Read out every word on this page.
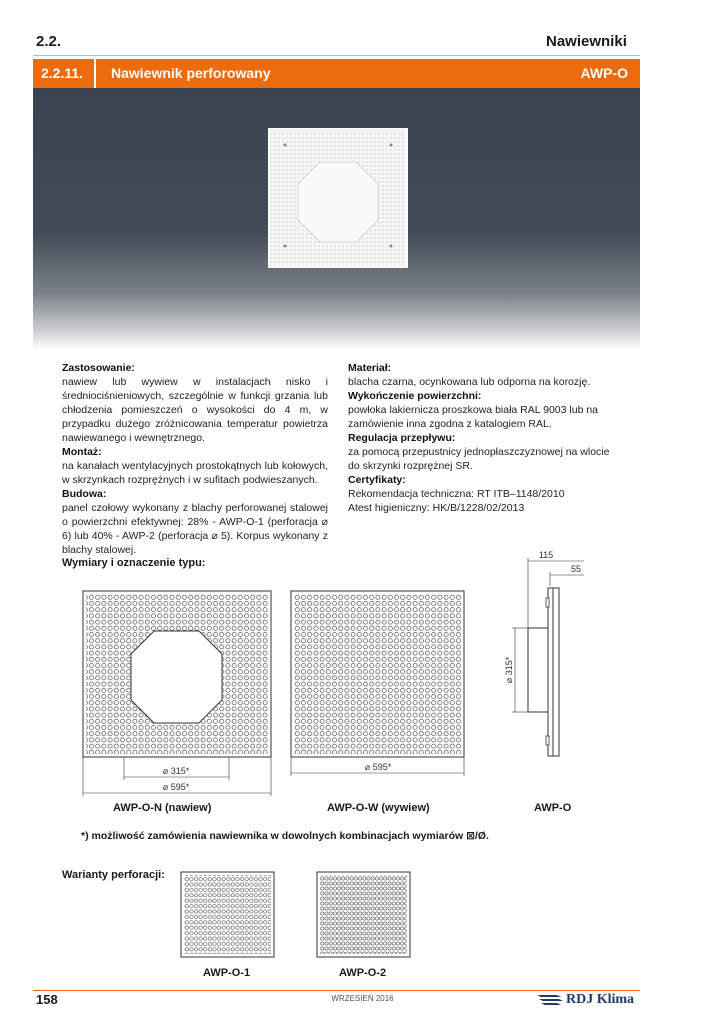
2.2.	Nawiewniki
2.2.11. Nawiewnik perforowany	AWP-O

Zastosowanie:

nawiew lub wywiew w instalacjach nisko i średniociśnieniowych, szczególnie w funkcji grzania lub chłodzenia pomieszczeń o wysokości do 4 m, w przypadku dużego zróżnicowania temperatur powietrza nawiewanego i wewnętrznego.

Montaż:

na kanałach wentylacyjnych prostokątnych lub kołowych, w skrzynkach rozprężnych i w sufitach podwieszanych.

Budowa:

panel czołowy wykonany z blachy perforowanej stalowej o powierzchni efektywnej: 28% - AWP-O-1 (perforacja ⌀ 6) lub 40% - AWP-2 (perforacja ⌀ 5). Korpus wykonany z blachy stalowej.

Materiał:

blacha czarna, ocynkowana lub odporna na korozję.

Wykończenie powierzchni:

powłoka lakiernicza proszkowa biała RAL 9003 lub na zamówienie inna zgodna z katalogiem RAL.

Regulacja przepływu:

za pomocą przepustnicy jednopłaszczyznowej na wlocie do skrzynki rozprężnej SR.

Certyfikaty:

Rekomendacja techniczna: RT ITB–1148/2010
Atest higieniczny: HK/B/1228/02/2013

Wymiary i oznaczenie typu:
⌀ 315*
⌀ 595*
⌀ 595*
115
55
⌀ 315*
AWP-O-N (nawiew)	AWP-O-W (wywiew)	AWP-O
*) możliwość zamówienia nawiewnika w dowolnych kombinacjach wymiarów ⊠/Ø.
Warianty perforacji:
AWP-O-1	AWP-O-2
158	WRZESIEŃ 2016	RDJ Klima
